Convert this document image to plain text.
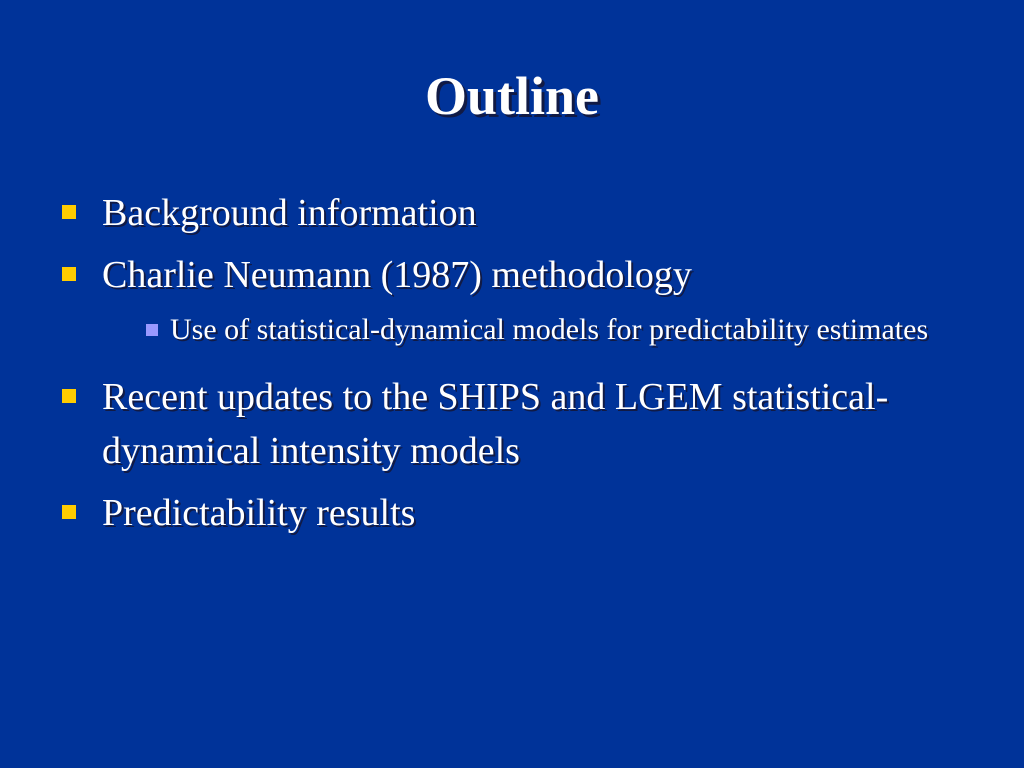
Outline
Background information
Charlie Neumann (1987) methodology
Use of statistical-dynamical models for predictability estimates
Recent updates to the SHIPS and LGEM statistical-dynamical intensity models
Predictability results
